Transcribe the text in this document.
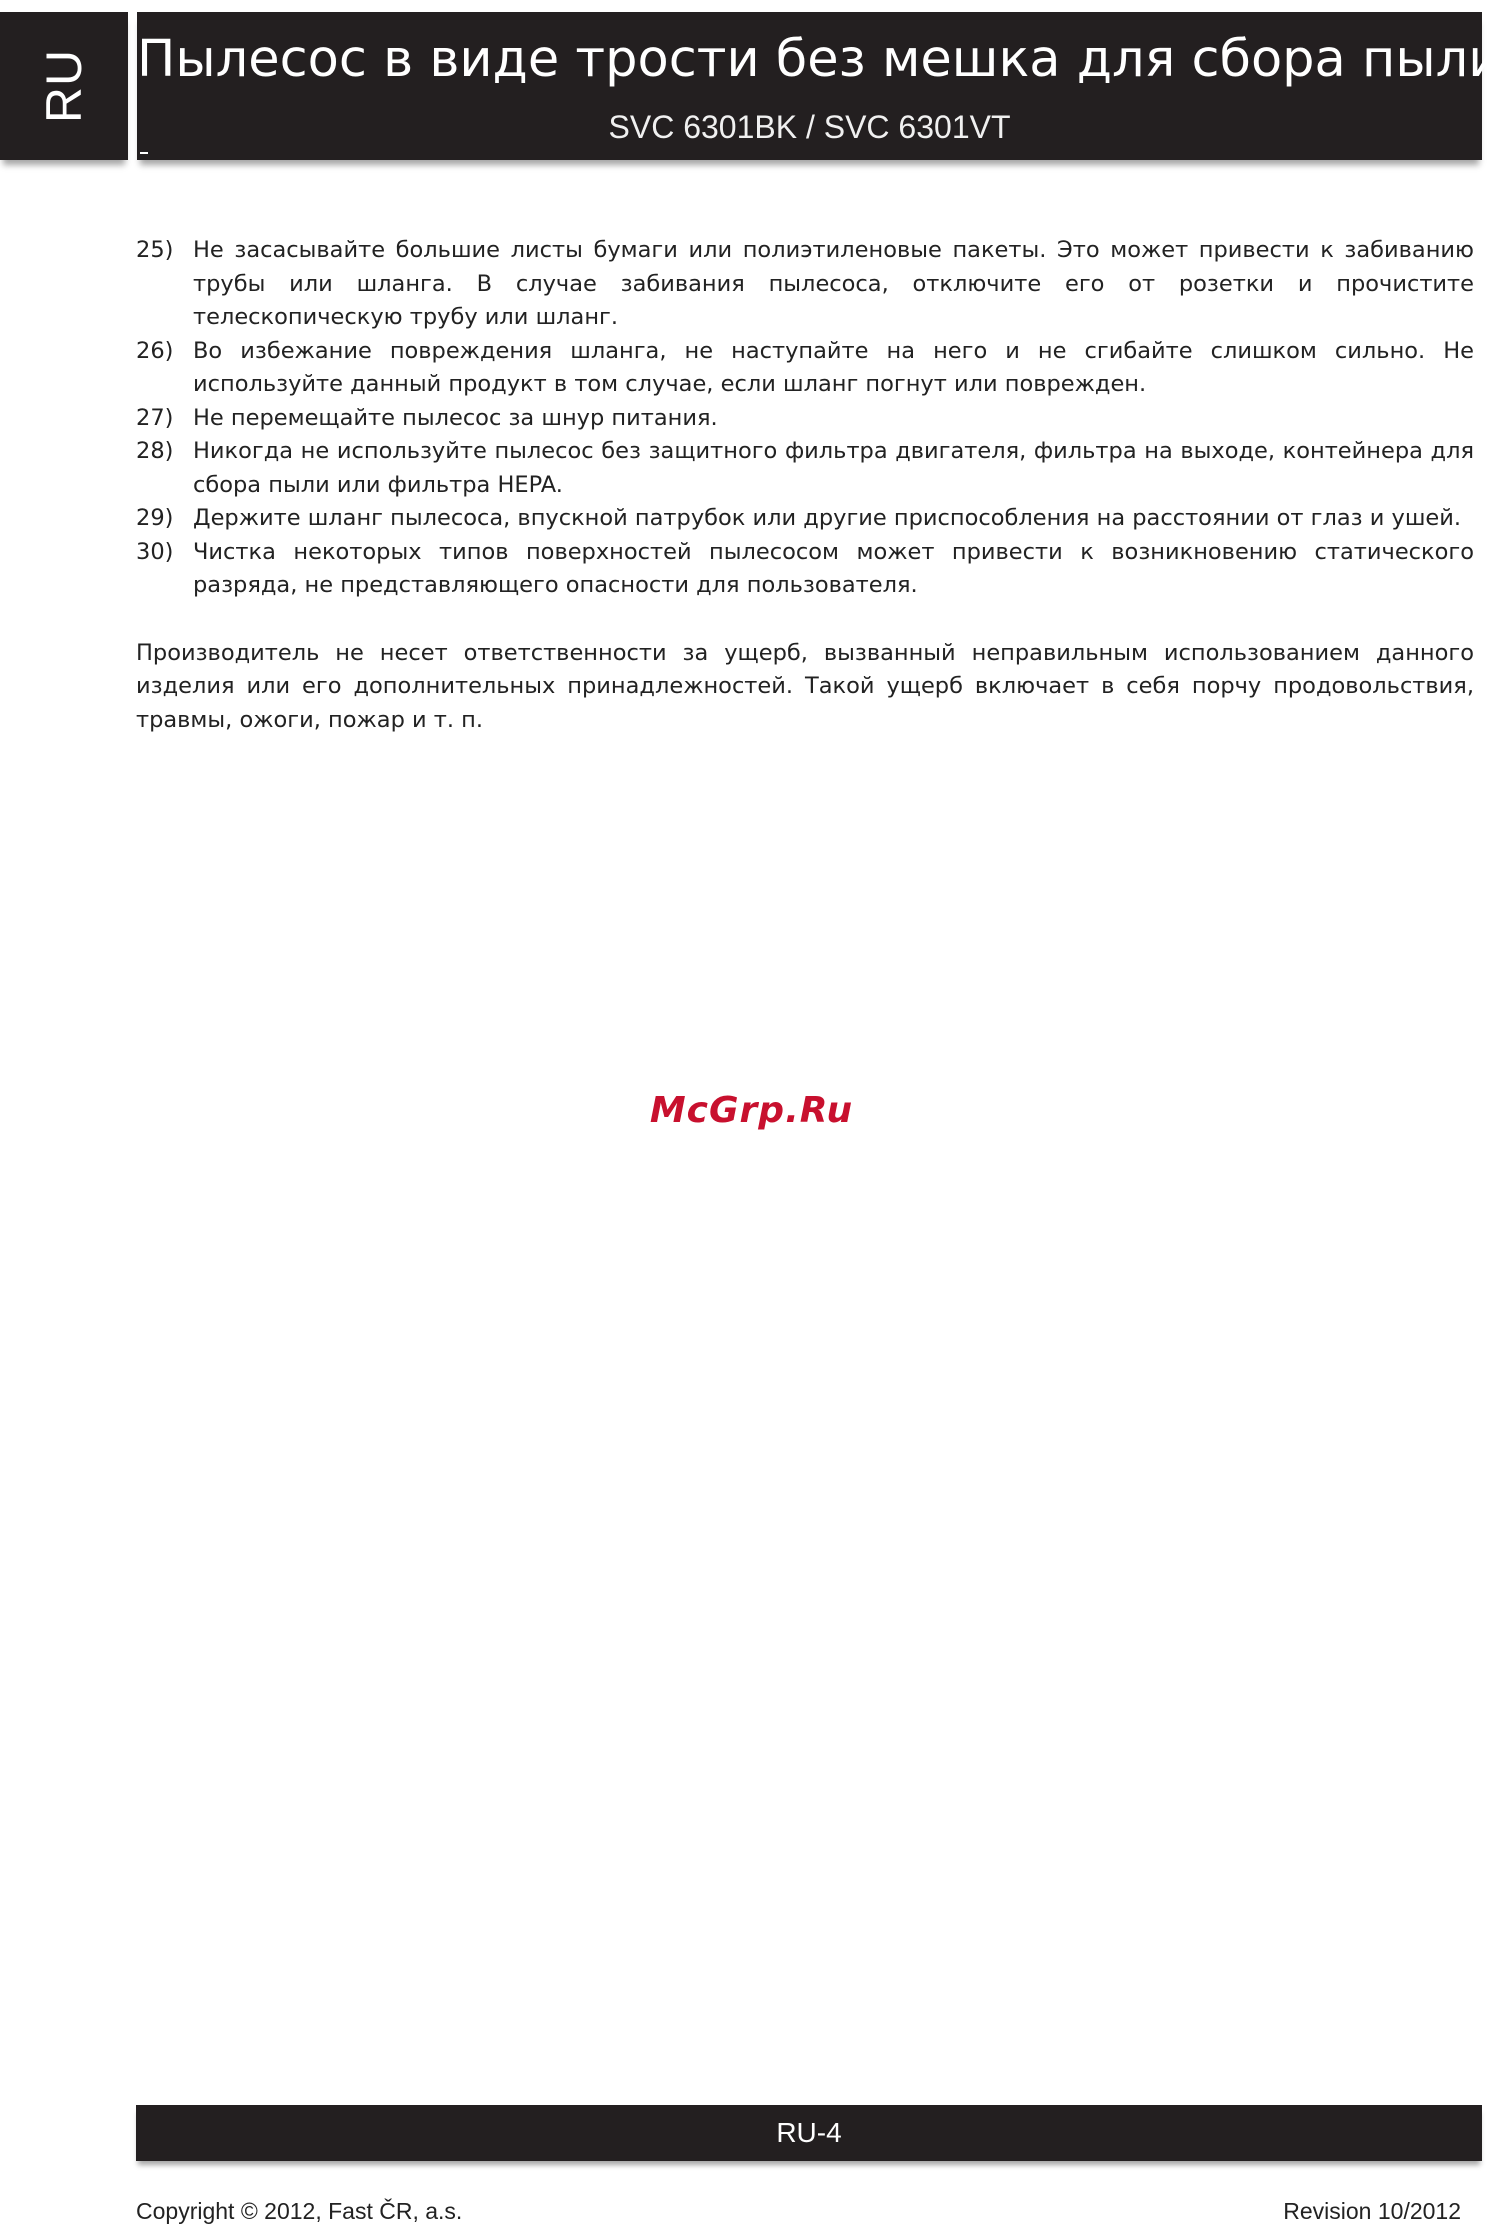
RU Пылесос в виде трости без мешка для сбора пыли
SVC 6301BK / SVC 6301VT
25) Не засасывайте большие листы бумаги или полиэтиленовые пакеты. Это может привести к забиванию трубы или шланга. В случае забивания пылесоса, отключите его от розетки и прочистите телескопическую трубу или шланг.
26) Во избежание повреждения шланга, не наступайте на него и не сгибайте слишком сильно. Не используйте данный продукт в том случае, если шланг погнут или поврежден.
27) Не перемещайте пылесос за шнур питания.
28) Никогда не используйте пылесос без защитного фильтра двигателя, фильтра на выходе, контейнера для сбора пыли или фильтра HEPA.
29) Держите шланг пылесоса, впускной патрубок или другие приспособления на расстоянии от глаз и ушей.
30) Чистка некоторых типов поверхностей пылесосом может привести к возникновению статического разряда, не представляющего опасности для пользователя.
Производитель не несет ответственности за ущерб, вызванный неправильным использованием данного изделия или его дополнительных принадлежностей. Такой ущерб включает в себя порчу продовольствия, травмы, ожоги, пожар и т. п.
McGrp.Ru
RU-4
Copyright © 2012, Fast ČR, a.s.	Revision 10/2012
